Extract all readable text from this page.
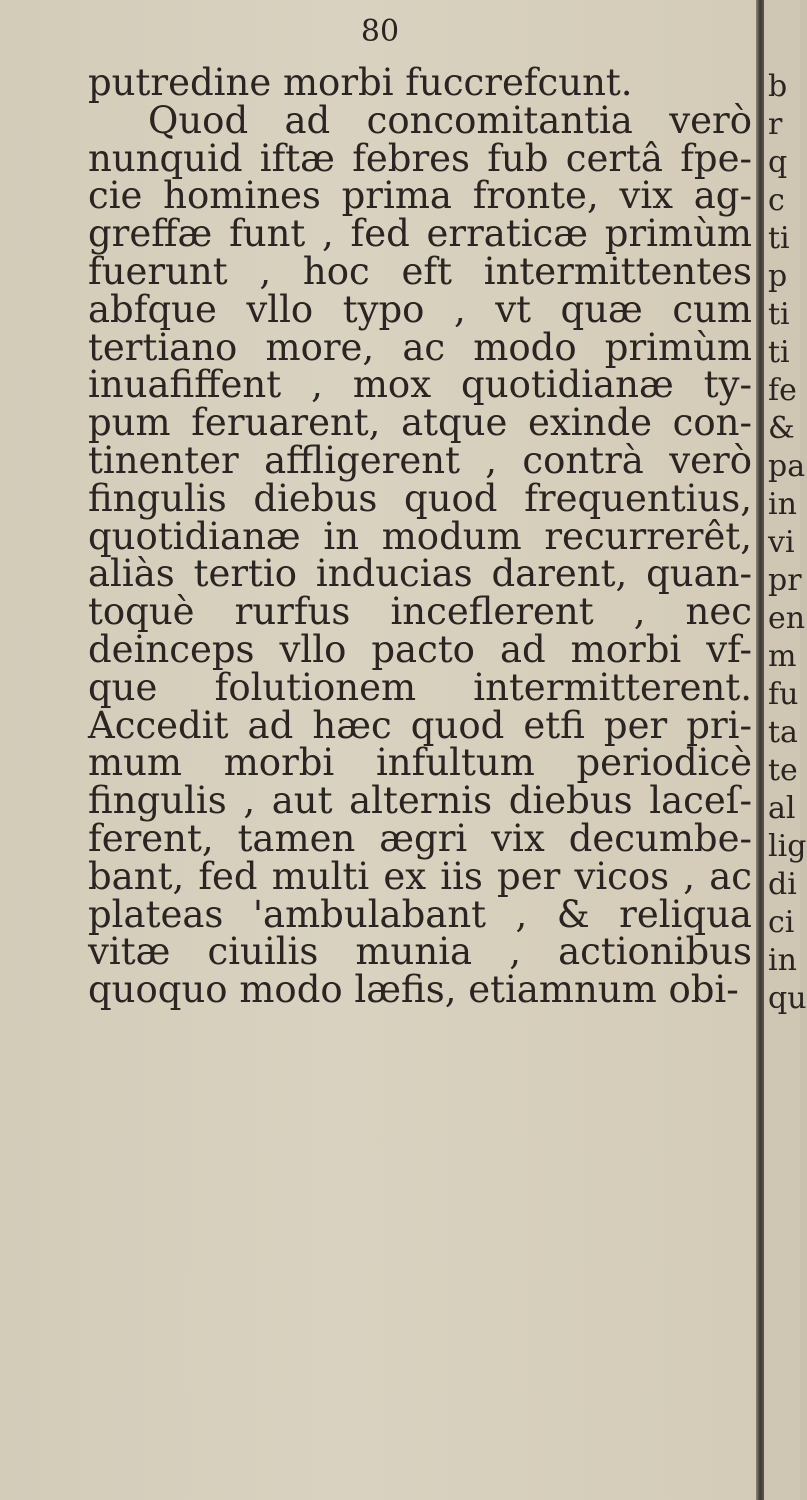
80
putredine morbi fuccrefcunt.
Quod ad concomitantia verò
nunquid iftæ febres fub certâ fpe-
cie homines prima fronte, vix ag-
greffæ funt , fed erraticæ primùm
fuerunt , hoc eft intermittentes
abfque vllo typo , vt quæ cum
tertiano more, ac modo primùm
inuafiffent , mox quotidianæ ty-
pum feruarent, atque exinde con-
tinenter affligerent , contrà verò
fingulis diebus quod frequentius,
quotidianæ in modum recurrerêt,
aliàs tertio inducias darent, quan-
toquè rurfus inceflerent , nec
deinceps vllo pacto ad morbi vf-
que folutionem intermitterent.
Accedit ad hæc quod etfi per pri-
mum morbi infultum periodicè
fingulis , aut alternis diebus laceſ-
ferent, tamen ægri vix decumbe-
bant, fed multi ex iis per vicos , ac
plateas 'ambulabant , & reliqua
vitæ ciuilis munia , actionibus
quoquo modo læfis, etiamnum obi-
b
r
q
c
ti
p
ti
ti
fe
&
pa
in
vi
pr
en
m
fu
ta
te
al
lig
di
ci
in
qu
